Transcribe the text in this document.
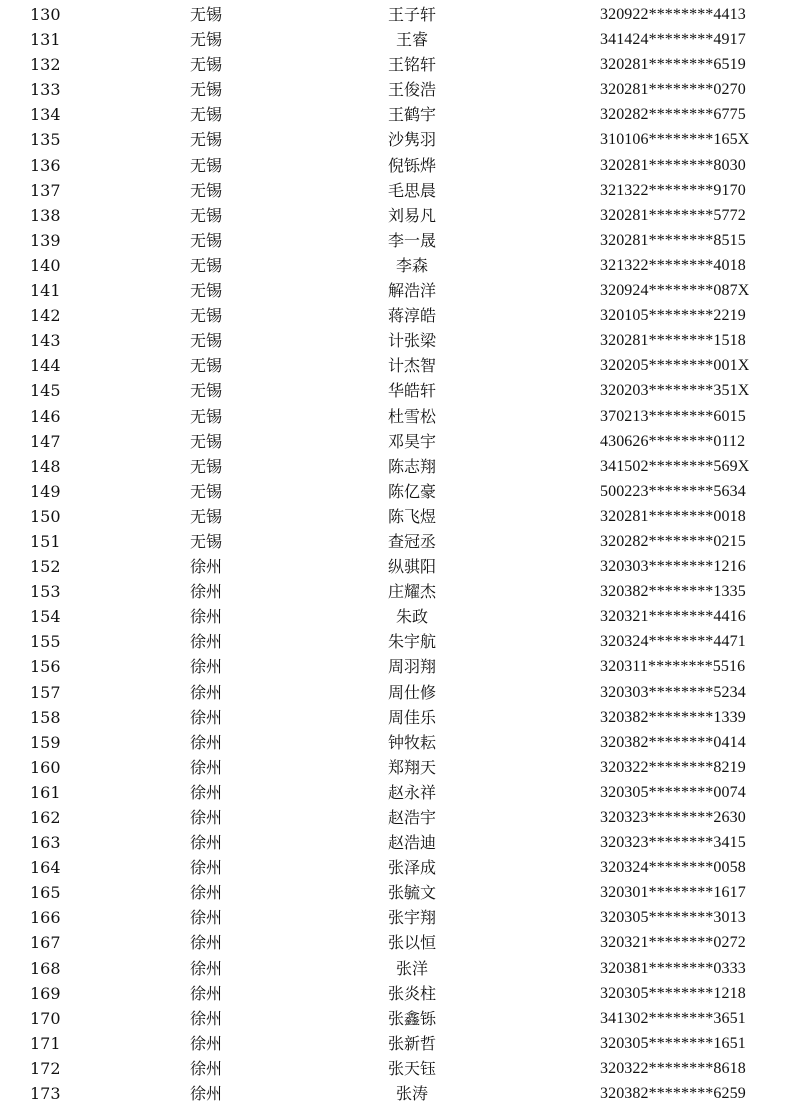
130	无锡	王子轩	320922********4413
131	无锡	王睿	341424********4917
132	无锡	王铭轩	320281********6519
133	无锡	王俊浩	320281********0270
134	无锡	王鹤宇	320282********6775
135	无锡	沙隽羽	310106********165X
136	无锡	倪铄烨	320281********8030
137	无锡	毛思晨	321322********9170
138	无锡	刘易凡	320281********5772
139	无锡	李一晟	320281********8515
140	无锡	李森	321322********4018
141	无锡	解浩洋	320924********087X
142	无锡	蒋淳皓	320105********2219
143	无锡	计张梁	320281********1518
144	无锡	计杰智	320205********001X
145	无锡	华皓轩	320203********351X
146	无锡	杜雪松	370213********6015
147	无锡	邓昊宇	430626********0112
148	无锡	陈志翔	341502********569X
149	无锡	陈亿豪	500223********5634
150	无锡	陈飞煜	320281********0018
151	无锡	查冠丞	320282********0215
152	徐州	纵骐阳	320303********1216
153	徐州	庄耀杰	320382********1335
154	徐州	朱政	320321********4416
155	徐州	朱宇航	320324********4471
156	徐州	周羽翔	320311********5516
157	徐州	周仕修	320303********5234
158	徐州	周佳乐	320382********1339
159	徐州	钟牧耘	320382********0414
160	徐州	郑翔天	320322********8219
161	徐州	赵永祥	320305********0074
162	徐州	赵浩宇	320323********2630
163	徐州	赵浩迪	320323********3415
164	徐州	张泽成	320324********0058
165	徐州	张毓文	320301********1617
166	徐州	张宇翔	320305********3013
167	徐州	张以恒	320321********0272
168	徐州	张洋	320381********0333
169	徐州	张炎柱	320305********1218
170	徐州	张鑫铄	341302********3651
171	徐州	张新哲	320305********1651
172	徐州	张天钰	320322********8618
173	徐州	张涛	320382********6259
